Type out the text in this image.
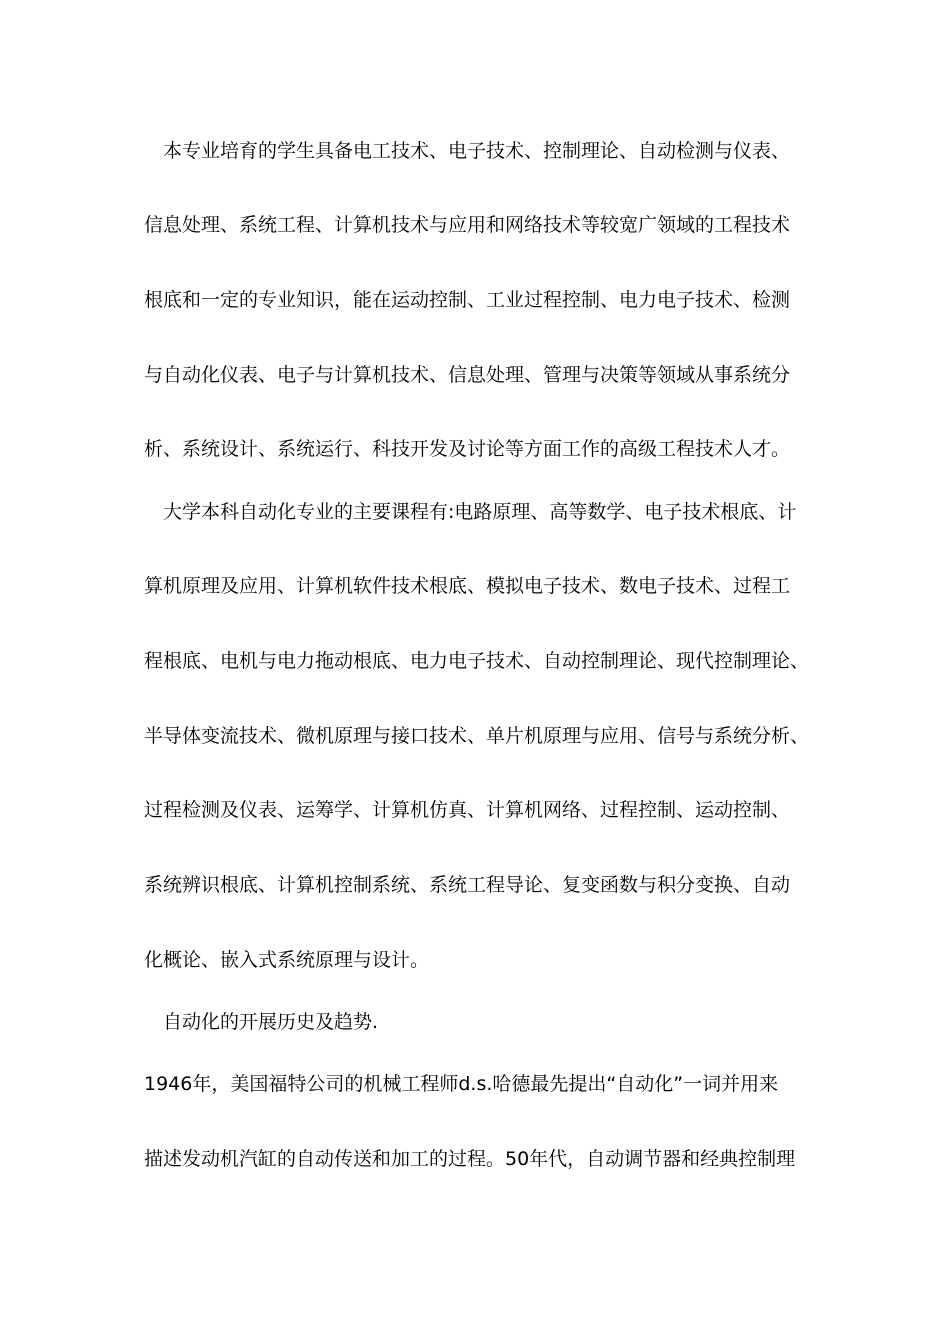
本专业培育的学生具备电工技术、电子技术、控制理论、自动检测与仪表、
信息处理、系统工程、计算机技术与应用和网络技术等较宽广领域的工程技术
根底和一定的专业知识，能在运动控制、工业过程控制、电力电子技术、检测
与自动化仪表、电子与计算机技术、信息处理、管理与决策等领域从事系统分
析、系统设计、系统运行、科技开发及讨论等方面工作的高级工程技术人才。
大学本科自动化专业的主要课程有:电路原理、高等数学、电子技术根底、计
算机原理及应用、计算机软件技术根底、模拟电子技术、数电子技术、过程工
程根底、电机与电力拖动根底、电力电子技术、自动控制理论、现代控制理论、
半导体变流技术、微机原理与接口技术、单片机原理与应用、信号与系统分析、
过程检测及仪表、运筹学、计算机仿真、计算机网络、过程控制、运动控制、
系统辨识根底、计算机控制系统、系统工程导论、复变函数与积分变换、自动
化概论、嵌入式系统原理与设计。
自动化的开展历史及趋势.
1946年，美国福特公司的机械工程师d.s.哈德最先提出“自动化”一词并用来
描述发动机汽缸的自动传送和加工的过程。50年代，自动调节器和经典控制理
